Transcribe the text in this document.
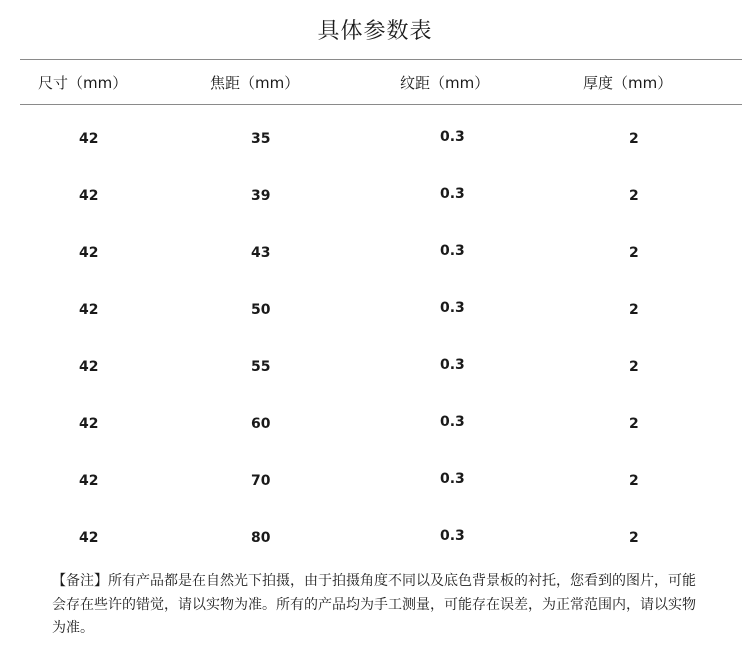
具体参数表
尺寸（mm）	焦距（mm）	纹距（mm）	厚度（mm）
42	35	0.3	2
42	39	0.3	2
42	43	0.3	2
42	50	0.3	2
42	55	0.3	2
42	60	0.3	2
42	70	0.3	2
42	80	0.3	2
【备注】所有产品都是在自然光下拍摄，由于拍摄角度不同以及底色背景板的衬托，您看到的图片，可能会存在些许的错觉，请以实物为准。所有的产品均为手工测量，可能存在误差，为正常范围内，请以实物为准。
